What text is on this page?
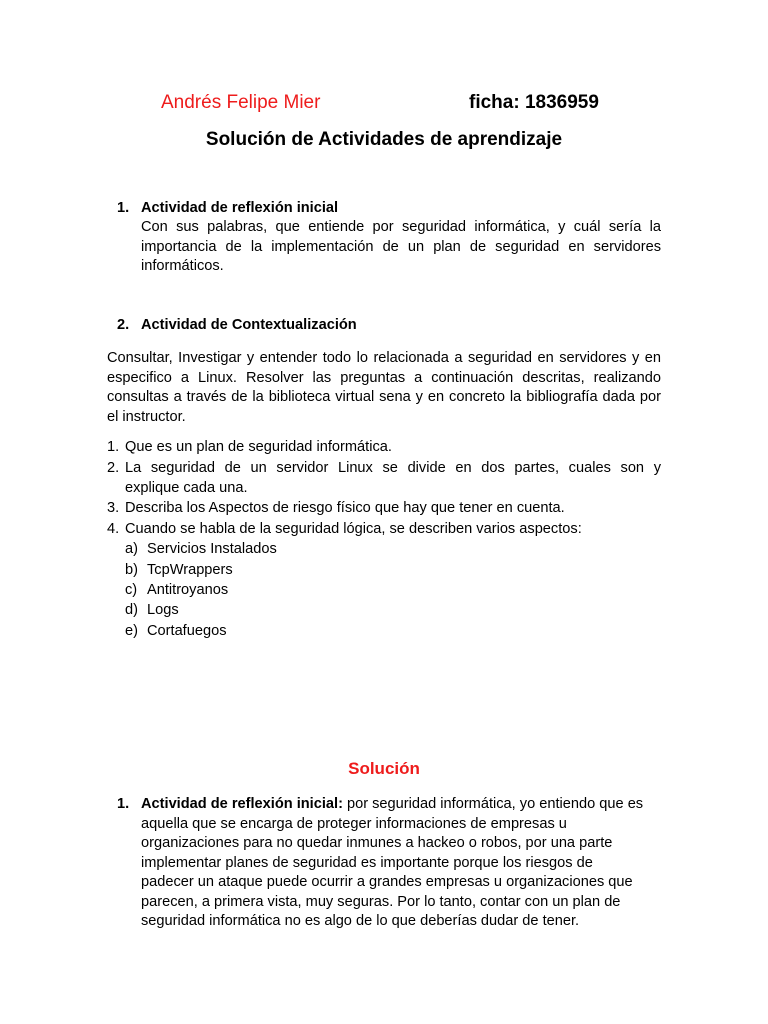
Andrés Felipe Mier	ficha: 1836959
Solución de Actividades de aprendizaje
1. Actividad de reflexión inicial
Con sus palabras, que entiende por seguridad informática, y cuál sería la importancia de la implementación de un plan de seguridad en servidores informáticos.
2. Actividad de Contextualización
Consultar, Investigar y entender todo lo relacionada a seguridad en servidores y en especifico a Linux. Resolver las preguntas a continuación descritas, realizando consultas a través de la biblioteca virtual sena y en concreto la bibliografía dada por el instructor.
1. Que es un plan de seguridad informática.
2. La seguridad de un servidor Linux se divide en dos partes, cuales son y
explique cada una.
3. Describa los Aspectos de riesgo físico que hay que tener en cuenta.
4. Cuando se habla de la seguridad lógica, se describen varios aspectos:
a) Servicios Instalados
b) TcpWrappers
c) Antitroyanos
d) Logs
e) Cortafuegos
Solución
1. Actividad de reflexión inicial: por seguridad informática, yo entiendo que es
aquella que se encarga de proteger informaciones de empresas u
organizaciones para no quedar inmunes a hackeo o robos, por una parte
implementar planes de seguridad es importante porque los riesgos de
padecer un ataque puede ocurrir a grandes empresas u organizaciones que
parecen, a primera vista, muy seguras. Por lo tanto, contar con un plan de
seguridad informática no es algo de lo que deberías dudar de tener.
